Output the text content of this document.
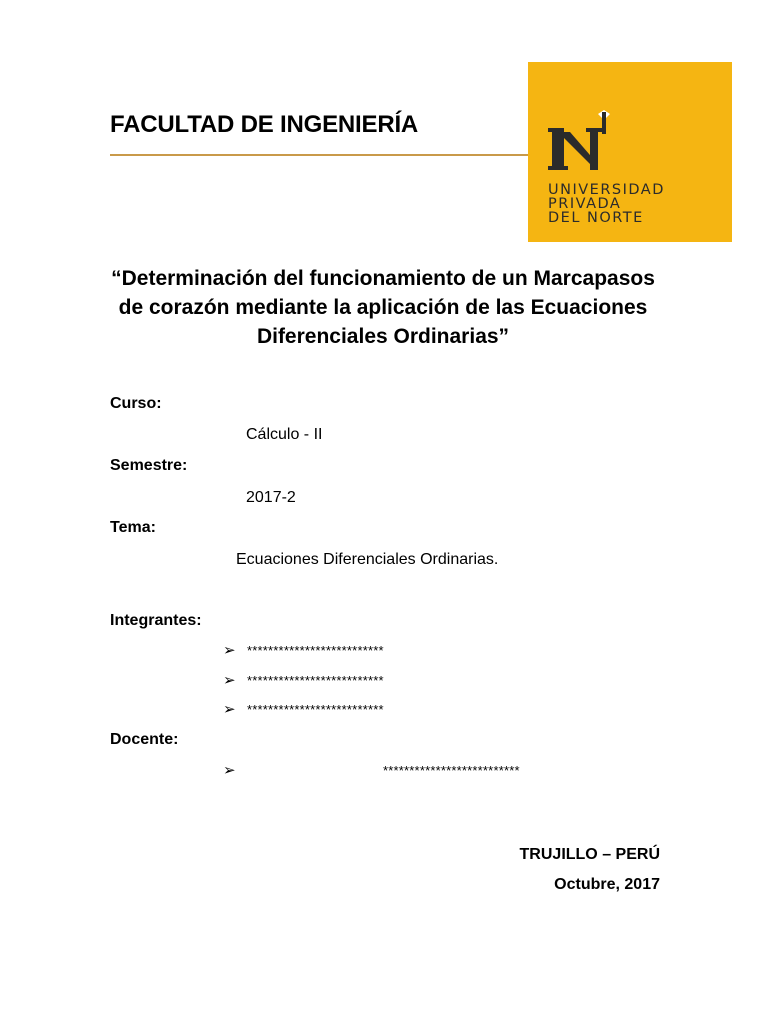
FACULTAD DE INGENIERÍA
UNIVERSIDAD
PRIVADA
DEL NORTE
“Determinación del funcionamiento de un Marcapasos de corazón mediante la aplicación de las Ecuaciones Diferenciales Ordinarias”
Curso:
Cálculo - II
Semestre:
2017-2
Tema:
Ecuaciones Diferenciales Ordinarias.
Integrantes:
➢ **************************
➢ **************************
➢ **************************
Docente:
➢	**************************
TRUJILLO – PERÚ
Octubre, 2017
